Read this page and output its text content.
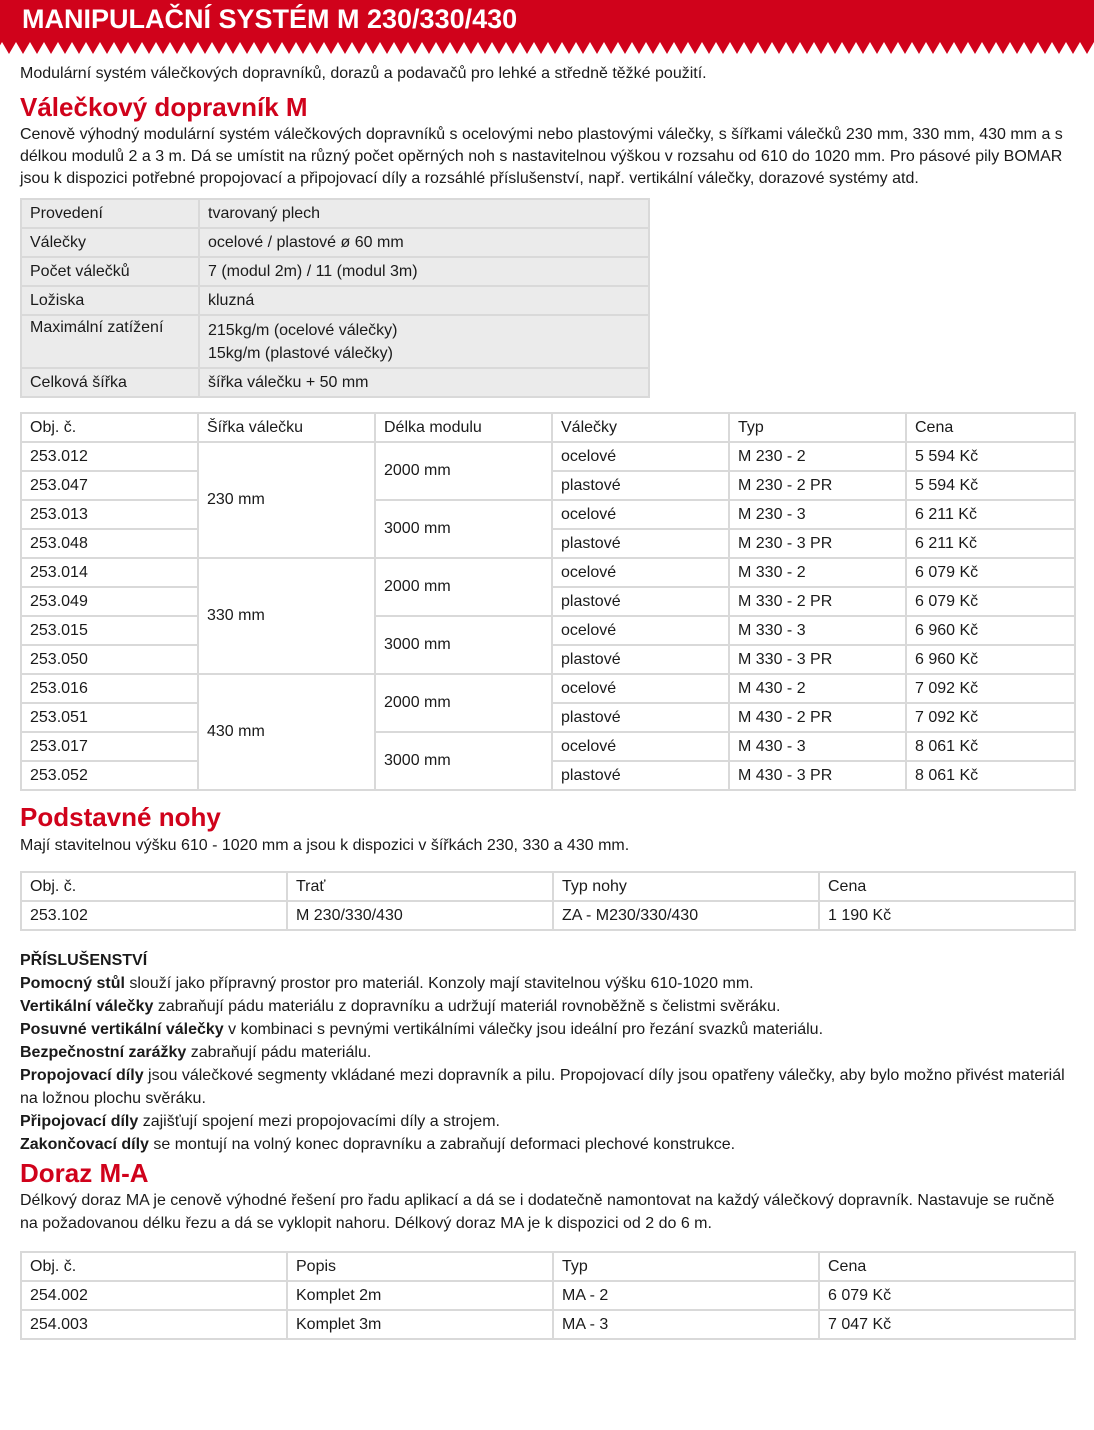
MANIPULAČNÍ SYSTÉM M 230/330/430

Modulární systém válečkových dopravníků, dorazů a podavačů pro lehké a středně těžké použití.

Válečkový dopravník M

Cenově výhodný modulární systém válečkových dopravníků s ocelovými nebo plastovými válečky, s šířkami válečků 230 mm, 330 mm, 430 mm a s délkou modulů 2 a 3 m. Dá se umístit na různý počet opěrných noh s nastavitelnou výškou v rozsahu od 610 do 1020 mm. Pro pásové pily BOMAR jsou k dispozici potřebné propojovací a připojovací díly a rozsáhlé příslušenství, např. vertikální válečky, dorazové systémy atd.

Provedení	tvarovaný plech
Válečky	ocelové / plastové ø 60 mm
Počet válečků	7 (modul 2m) / 11 (modul 3m)
Ložiska	kluzná
Maximální zatížení	215kg/m (ocelové válečky)
15kg/m (plastové válečky)

Celková šířka	šířka válečku + 50 mm
Obj. č.	Šířka válečku	Délka modulu	Válečky	Typ	Cena
253.012	230 mm	2000 mm	ocelové	M 230 - 2	5 594 Kč
253.047			plastové	M 230 - 2 PR	5 594 Kč
253.013		3000 mm	ocelové	M 230 - 3	6 211 Kč
253.048			plastové	M 230 - 3 PR	6 211 Kč
253.014	330 mm	2000 mm	ocelové	M 330 - 2	6 079 Kč
253.049			plastové	M 330 - 2 PR	6 079 Kč
253.015		3000 mm	ocelové	M 330 - 3	6 960 Kč
253.050			plastové	M 330 - 3 PR	6 960 Kč
253.016	430 mm	2000 mm	ocelové	M 430 - 2	7 092 Kč
253.051			plastové	M 430 - 2 PR	7 092 Kč
253.017		3000 mm	ocelové	M 430 - 3	8 061 Kč
253.052			plastové	M 430 - 3 PR	8 061 Kč
Podstavné nohy

Mají stavitelnou výšku 610 - 1020 mm a jsou k dispozici v šířkách 230, 330 a 430 mm.

Obj. č.	Trať	Typ nohy	Cena
253.102	M 230/330/430	ZA - M230/330/430	1 190 Kč

PŘÍSLUŠENSTVÍ

Pomocný stůl slouží jako přípravný prostor pro materiál. Konzoly mají stavitelnou výšku 610-1020 mm.

Vertikální válečky zabraňují pádu materiálu z dopravníku a udržují materiál rovnoběžně s čelistmi svěráku.

Posuvné vertikální válečky v kombinaci s pevnými vertikálními válečky jsou ideální pro řezání svazků materiálu.

Bezpečnostní zarážky zabraňují pádu materiálu.

Propojovací díly jsou válečkové segmenty vkládané mezi dopravník a pilu. Propojovací díly jsou opatřeny válečky, aby bylo možno přivést materiál na ložnou plochu svěráku.

Připojovací díly zajišťují spojení mezi propojovacími díly a strojem.

Zakončovací díly se montují na volný konec dopravníku a zabraňují deformaci plechové konstrukce.

Doraz M-A

Délkový doraz MA je cenově výhodné řešení pro řadu aplikací a dá se i dodatečně namontovat na každý válečkový dopravník. Nastavuje se ručně na požadovanou délku řezu a dá se vyklopit nahoru. Délkový doraz MA je k dispozici od 2 do 6 m.

Obj. č.	Popis	Typ	Cena
254.002	Komplet 2m	MA - 2	6 079 Kč
254.003	Komplet 3m	MA - 3	7 047 Kč
